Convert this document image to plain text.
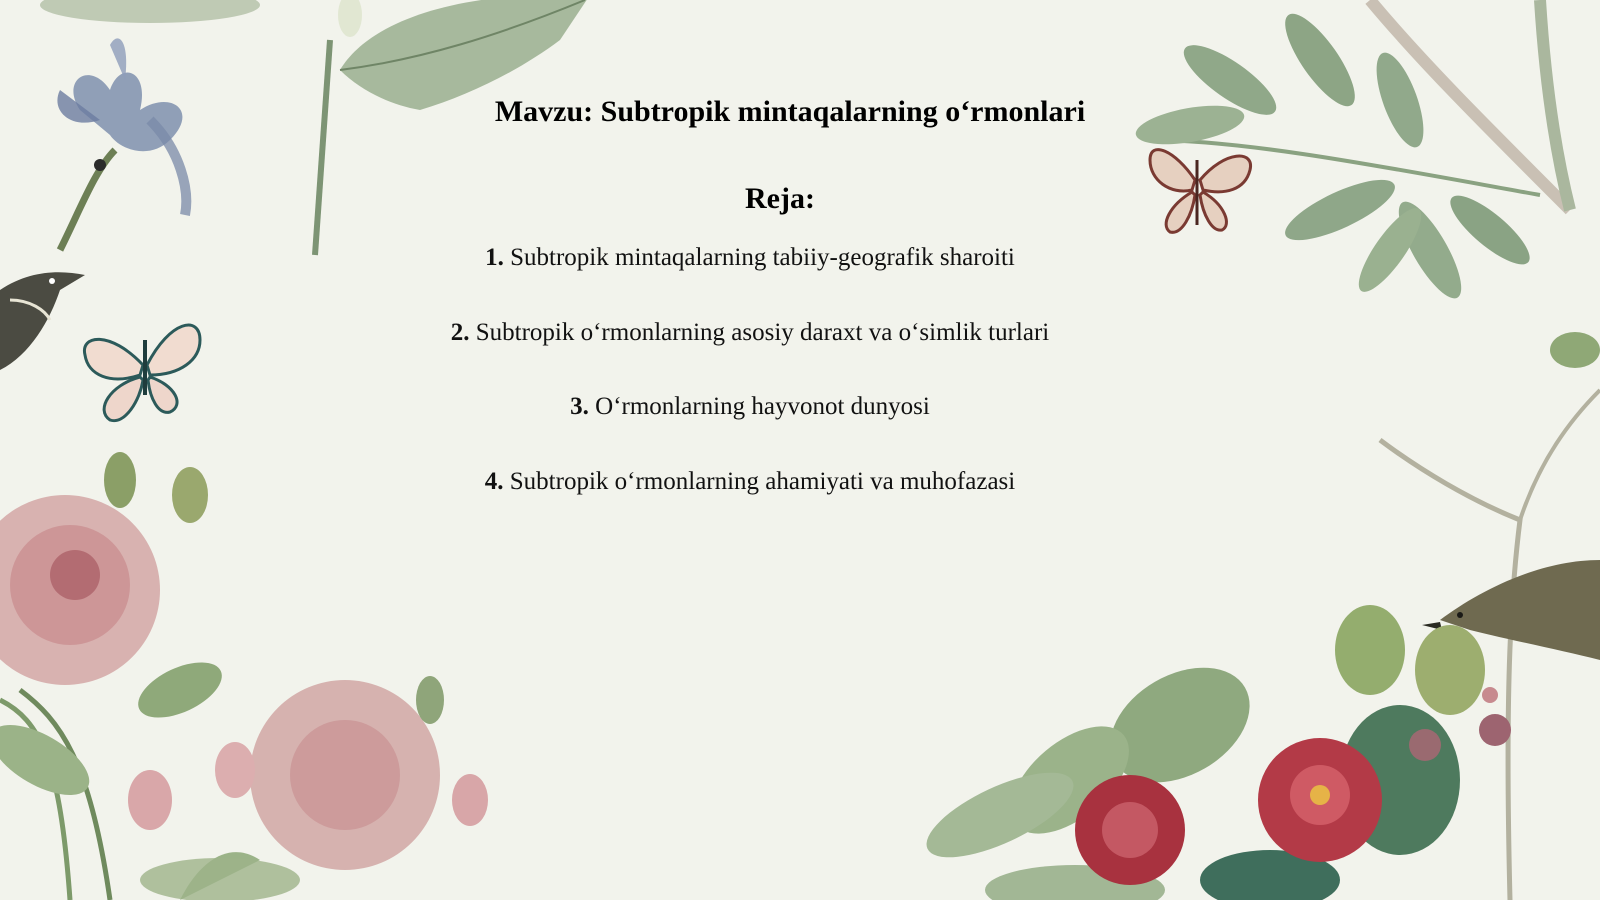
Mavzu: Subtropik mintaqalarning o‘rmonlari
Reja:
1. Subtropik mintaqalarning tabiiy-geografik sharoiti
2. Subtropik o‘rmonlarning asosiy daraxt va o‘simlik turlari
3. O‘rmonlarning hayvonot dunyosi
4. Subtropik o‘rmonlarning ahamiyati va muhofazasi
